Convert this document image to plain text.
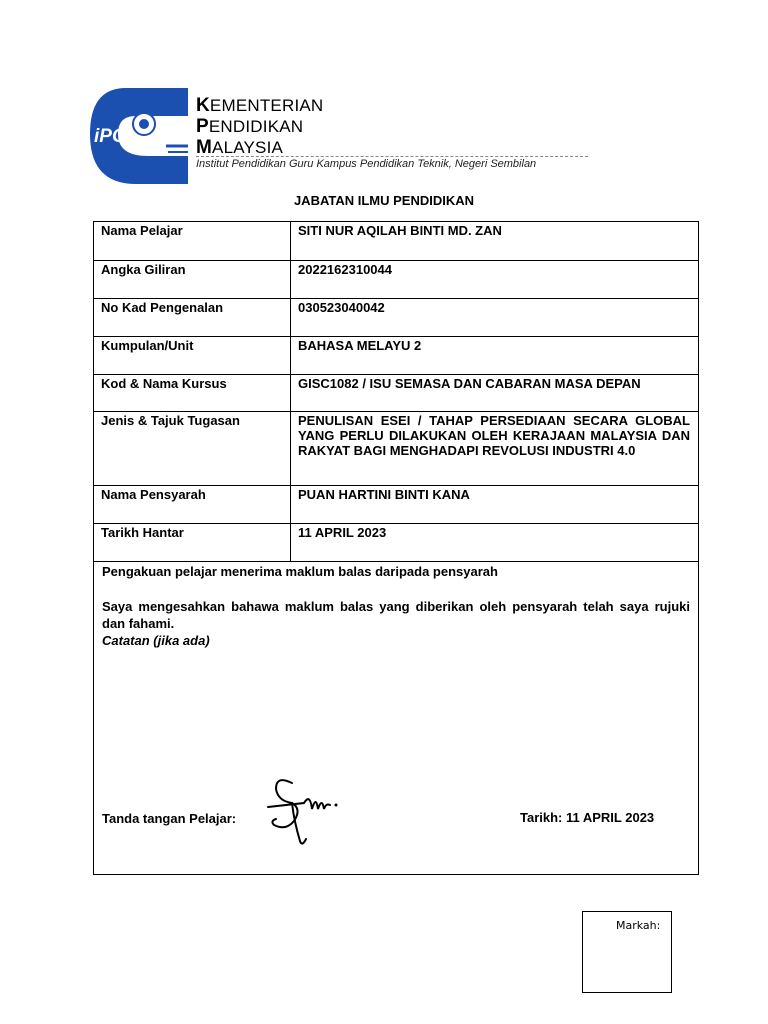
iPG
KEMENTERIAN
PENDIDIKAN
MALAYSIA
Institut Pendidikan Guru Kampus Pendidikan Teknik, Negeri Sembilan
JABATAN ILMU PENDIDIKAN
Nama Pelajar	SITI NUR AQILAH BINTI MD. ZAN
Angka Giliran	2022162310044
No Kad Pengenalan	030523040042
Kumpulan/Unit	BAHASA MELAYU 2
Kod & Nama Kursus	GISC1082 / ISU SEMASA DAN CABARAN MASA DEPAN
Jenis & Tajuk Tugasan	PENULISAN ESEI / TAHAP PERSEDIAAN SECARA GLOBAL YANG PERLU DILAKUKAN OLEH KERAJAAN MALAYSIA DAN RAKYAT BAGI MENGHADAPI REVOLUSI INDUSTRI 4.0
Nama Pensyarah	PUAN HARTINI BINTI KANA
Tarikh Hantar	11 APRIL 2023
Pengakuan pelajar menerima maklum balas daripada pensyarah
Saya mengesahkan bahawa maklum balas yang diberikan oleh pensyarah telah saya rujuki dan fahami.
Catatan (jika ada)
Tanda tangan Pelajar:	Tarikh: 11 APRIL 2023
Markah:
